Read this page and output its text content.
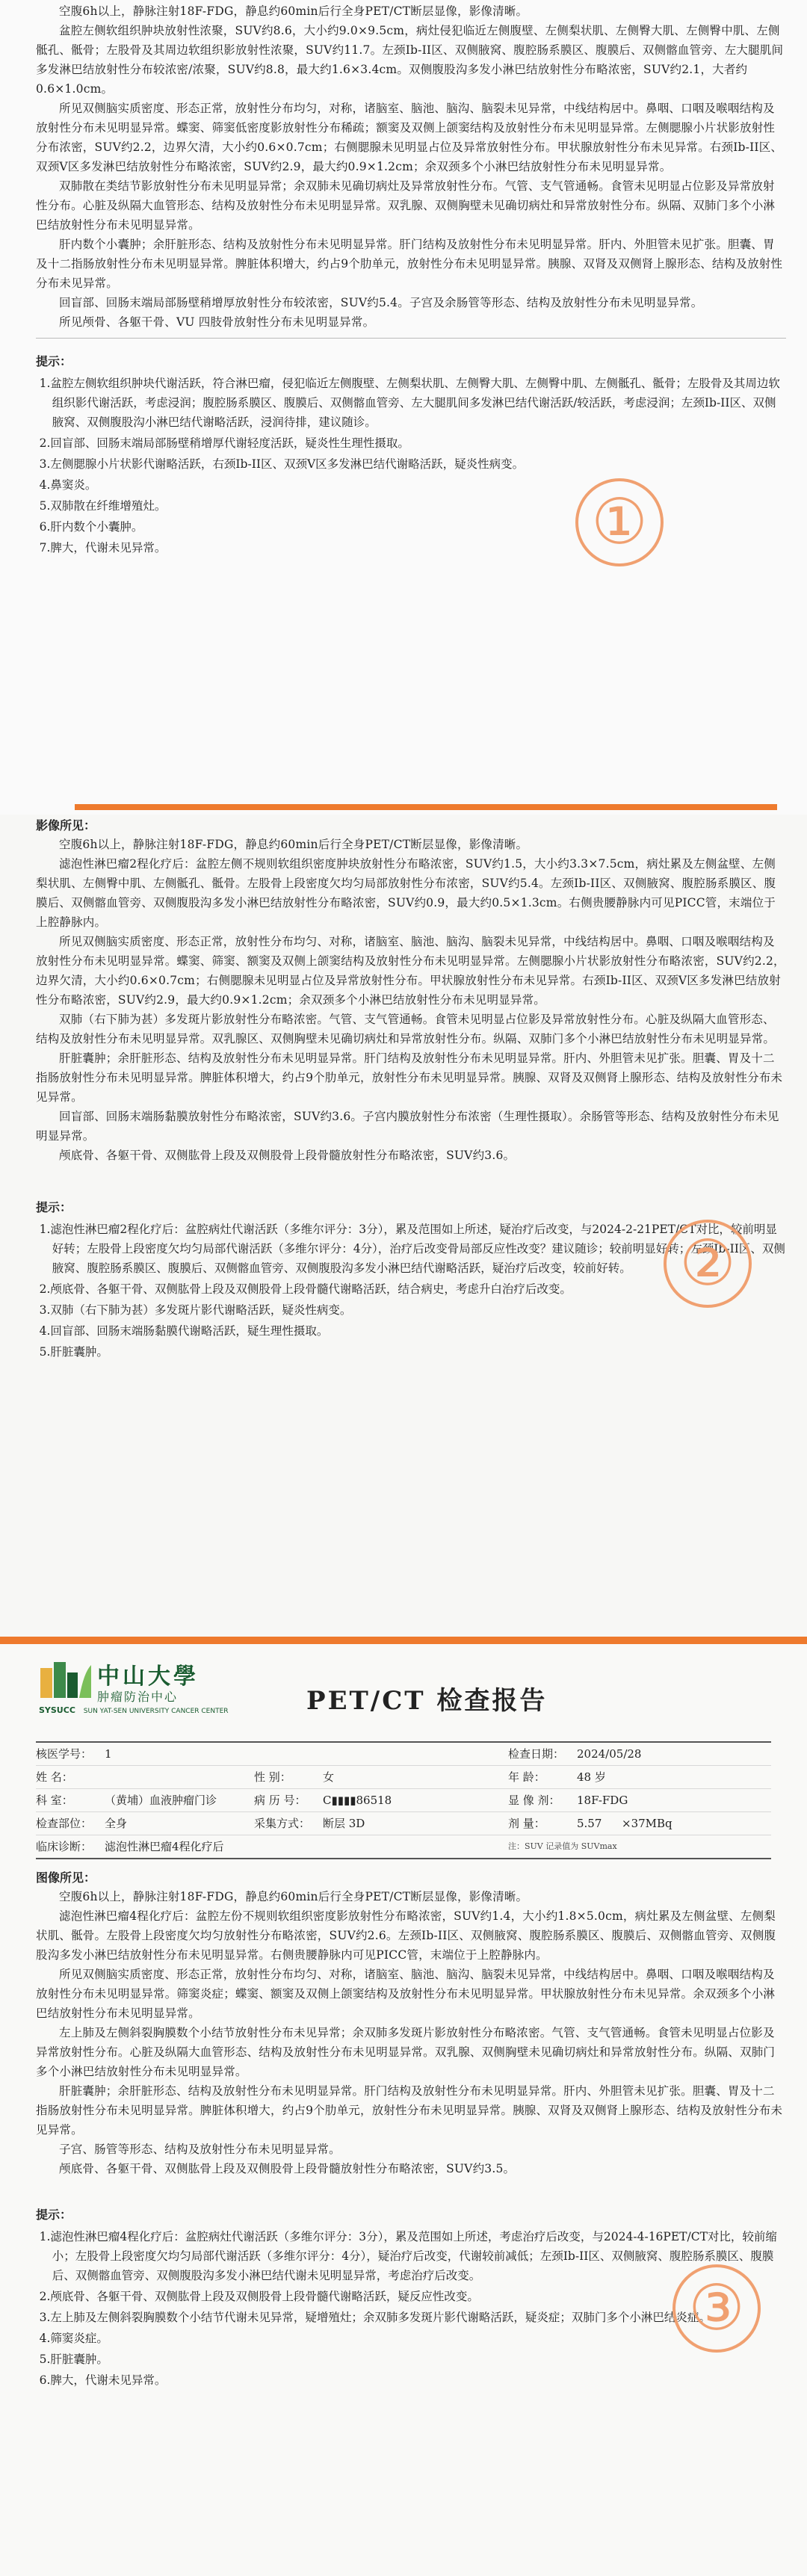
空腹6h以上，静脉注射18F-FDG，静息约60min后行全身PET/CT断层显像，影像清晰。

盆腔左侧软组织肿块放射性浓聚，SUV约8.6，大小约9.0×9.5cm，病灶侵犯临近左侧腹壁、左侧梨状肌、左侧臀大肌、左侧臀中肌、左侧骶孔、骶骨；左股骨及其周边软组织影放射性浓聚，SUV约11.7。左颈Ib-II区、双侧腋窝、腹腔肠系膜区、腹膜后、双侧髂血管旁、左大腿肌间多发淋巴结放射性分布较浓密/浓聚，SUV约8.8，最大约1.6×3.4cm。双侧腹股沟多发小淋巴结放射性分布略浓密，SUV约2.1，大者约0.6×1.0cm。

所见双侧脑实质密度、形态正常，放射性分布均匀，对称，诸脑室、脑池、脑沟、脑裂未见异常，中线结构居中。鼻咽、口咽及喉咽结构及放射性分布未见明显异常。蝶窦、筛窦低密度影放射性分布稀疏；额窦及双侧上颌窦结构及放射性分布未见明显异常。左侧腮腺小片状影放射性分布浓密，SUV约2.2，边界欠清，大小约0.6×0.7cm；右侧腮腺未见明显占位及异常放射性分布。甲状腺放射性分布未见异常。右颈Ib-II区、双颈V区多发淋巴结放射性分布略浓密，SUV约2.9，最大约0.9×1.2cm；余双颈多个小淋巴结放射性分布未见明显异常。

双肺散在类结节影放射性分布未见明显异常；余双肺未见确切病灶及异常放射性分布。气管、支气管通畅。食管未见明显占位影及异常放射性分布。心脏及纵隔大血管形态、结构及放射性分布未见明显异常。双乳腺、双侧胸壁未见确切病灶和异常放射性分布。纵隔、双肺门多个小淋巴结放射性分布未见明显异常。

肝内数个小囊肿；余肝脏形态、结构及放射性分布未见明显异常。肝门结构及放射性分布未见明显异常。肝内、外胆管未见扩张。胆囊、胃及十二指肠放射性分布未见明显异常。脾脏体积增大，约占9个肋单元，放射性分布未见明显异常。胰腺、双肾及双侧肾上腺形态、结构及放射性分布未见异常。

回盲部、回肠末端局部肠壁稍增厚放射性分布较浓密，SUV约5.4。子宫及余肠管等形态、结构及放射性分布未见明显异常。

所见颅骨、各躯干骨、VU 四肢骨放射性分布未见明显异常。

提示：

1.盆腔左侧软组织肿块代谢活跃，符合淋巴瘤，侵犯临近左侧腹壁、左侧梨状肌、左侧臀大肌、左侧臀中肌、左侧骶孔、骶骨；左股骨及其周边软组织影代谢活跃，考虑浸润；腹腔肠系膜区、腹膜后、双侧髂血管旁、左大腿肌间多发淋巴结代谢活跃/较活跃，考虑浸润；左颈Ib-II区、双侧腋窝、双侧腹股沟小淋巴结代谢略活跃，浸润待排，建议随诊。

2.回盲部、回肠末端局部肠壁稍增厚代谢轻度活跃，疑炎性生理性摄取。

3.左侧腮腺小片状影代谢略活跃，右颈Ib-II区、双颈V区多发淋巴结代谢略活跃，疑炎性病变。

4.鼻窦炎。

5.双肺散在纤维增殖灶。

6.肝内数个小囊肿。

7.脾大，代谢未见异常。	①
影像所见：

空腹6h以上，静脉注射18F-FDG，静息约60min后行全身PET/CT断层显像，影像清晰。

滤泡性淋巴瘤2程化疗后：盆腔左侧不规则软组织密度肿块放射性分布略浓密，SUV约1.5，大小约3.3×7.5cm，病灶累及左侧盆壁、左侧梨状肌、左侧臀中肌、左侧骶孔、骶骨。左股骨上段密度欠均匀局部放射性分布浓密，SUV约5.4。左颈Ib-II区、双侧腋窝、腹腔肠系膜区、腹膜后、双侧髂血管旁、双侧腹股沟多发小淋巴结放射性分布略浓密，SUV约0.9，最大约0.5×1.3cm。右侧贵腰静脉内可见PICC管，末端位于上腔静脉内。

所见双侧脑实质密度、形态正常，放射性分布均匀、对称，诸脑室、脑池、脑沟、脑裂未见异常，中线结构居中。鼻咽、口咽及喉咽结构及放射性分布未见明显异常。蝶窦、筛窦、额窦及双侧上颌窦结构及放射性分布未见明显异常。左侧腮腺小片状影放射性分布略浓密，SUV约2.2，边界欠清，大小约0.6×0.7cm；右侧腮腺未见明显占位及异常放射性分布。甲状腺放射性分布未见异常。右颈Ib-II区、双颈V区多发淋巴结放射性分布略浓密，SUV约2.9，最大约0.9×1.2cm；余双颈多个小淋巴结放射性分布未见明显异常。

双肺（右下肺为甚）多发斑片影放射性分布略浓密。气管、支气管通畅。食管未见明显占位影及异常放射性分布。心脏及纵隔大血管形态、结构及放射性分布未见明显异常。双乳腺区、双侧胸壁未见确切病灶和异常放射性分布。纵隔、双肺门多个小淋巴结放射性分布未见明显异常。

肝脏囊肿；余肝脏形态、结构及放射性分布未见明显异常。肝门结构及放射性分布未见明显异常。肝内、外胆管未见扩张。胆囊、胃及十二指肠放射性分布未见明显异常。脾脏体积增大，约占9个肋单元，放射性分布未见明显异常。胰腺、双肾及双侧肾上腺形态、结构及放射性分布未见异常。

回盲部、回肠末端肠黏膜放射性分布略浓密，SUV约3.6。子宫内膜放射性分布浓密（生理性摄取）。余肠管等形态、结构及放射性分布未见明显异常。

颅底骨、各躯干骨、双侧肱骨上段及双侧股骨上段骨髓放射性分布略浓密，SUV约3.6。

提示：

1.滤泡性淋巴瘤2程化疗后：盆腔病灶代谢活跃（多维尔评分：3分），累及范围如上所述，疑治疗后改变，与2024-2-21PET/CT对比，较前明显好转；左股骨上段密度欠均匀局部代谢活跃（多维尔评分：4分），治疗后改变骨局部反应性改变？建议随诊；较前明显好转；左颈Ib-II区、双侧腋窝、腹腔肠系膜区、腹膜后、双侧髂血管旁、双侧腹股沟多发小淋巴结代谢略活跃，疑治疗后改变，较前好转。

2.颅底骨、各躯干骨、双侧肱骨上段及双侧股骨上段骨髓代谢略活跃，结合病史，考虑升白治疗后改变。

3.双肺（右下肺为甚）多发斑片影代谢略活跃，疑炎性病变。

4.回盲部、回肠末端肠黏膜代谢略活跃，疑生理性摄取。

5.肝脏囊肿。

②
中山大學
肿瘤防治中心
SYSUCC SUN YAT-SEN UNIVERSITY CANCER CENTER	PET/CT 检查报告
核医学号：	1	检查日期：	2024/05/28
姓 名：	性 别：	女	年 龄：	48 岁
科 室：	（黄埔）血液肿瘤门诊	病 历 号：	C▮▮▮▮86518	显 像 剂：	18F-FDG
检查部位：	全身	采集方式：	断层 3D	剂 量：	5.57	×37MBq
临床诊断：	滤泡性淋巴瘤4程化疗后	注：SUV 记录值为 SUVmax
图像所见：

空腹6h以上，静脉注射18F-FDG，静息约60min后行全身PET/CT断层显像，影像清晰。

滤泡性淋巴瘤4程化疗后：盆腔左份不规则软组织密度影放射性分布略浓密，SUV约1.4，大小约1.8×5.0cm，病灶累及左侧盆壁、左侧梨状肌、骶骨。左股骨上段密度欠均匀放射性分布略浓密，SUV约2.6。左颈Ib-II区、双侧腋窝、腹腔肠系膜区、腹膜后、双侧髂血管旁、双侧腹股沟多发小淋巴结放射性分布未见明显异常。右侧贵腰静脉内可见PICC管，末端位于上腔静脉内。

所见双侧脑实质密度、形态正常，放射性分布均匀、对称，诸脑室、脑池、脑沟、脑裂未见异常，中线结构居中。鼻咽、口咽及喉咽结构及放射性分布未见明显异常。筛窦炎症；蝶窦、额窦及双侧上颌窦结构及放射性分布未见明显异常。甲状腺放射性分布未见异常。余双颈多个小淋巴结放射性分布未见明显异常。

左上肺及左侧斜裂胸膜数个小结节放射性分布未见异常；余双肺多发斑片影放射性分布略浓密。气管、支气管通畅。食管未见明显占位影及异常放射性分布。心脏及纵隔大血管形态、结构及放射性分布未见明显异常。双乳腺、双侧胸壁未见确切病灶和异常放射性分布。纵隔、双肺门多个小淋巴结放射性分布未见明显异常。

肝脏囊肿；余肝脏形态、结构及放射性分布未见明显异常。肝门结构及放射性分布未见明显异常。肝内、外胆管未见扩张。胆囊、胃及十二指肠放射性分布未见明显异常。脾脏体积增大，约占9个肋单元，放射性分布未见明显异常。胰腺、双肾及双侧肾上腺形态、结构及放射性分布未见异常。

子宫、肠管等形态、结构及放射性分布未见明显异常。

颅底骨、各躯干骨、双侧肱骨上段及双侧股骨上段骨髓放射性分布略浓密，SUV约3.5。

提示：

1.滤泡性淋巴瘤4程化疗后：盆腔病灶代谢活跃（多维尔评分：3分），累及范围如上所述，考虑治疗后改变，与2024-4-16PET/CT对比，较前缩小；左股骨上段密度欠均匀局部代谢活跃（多维尔评分：4分），疑治疗后改变，代谢较前减低；左颈Ib-II区、双侧腋窝、腹腔肠系膜区、腹膜后、双侧髂血管旁、双侧腹股沟多发小淋巴结代谢未见明显异常，考虑治疗后改变。

2.颅底骨、各躯干骨、双侧肱骨上段及双侧股骨上段骨髓代谢略活跃，疑反应性改变。

3.左上肺及左侧斜裂胸膜数个小结节代谢未见异常，疑增殖灶；余双肺多发斑片影代谢略活跃，疑炎症；双肺门多个小淋巴结炎症。

4.筛窦炎症。

5.肝脏囊肿。

6.脾大，代谢未见异常。

③
